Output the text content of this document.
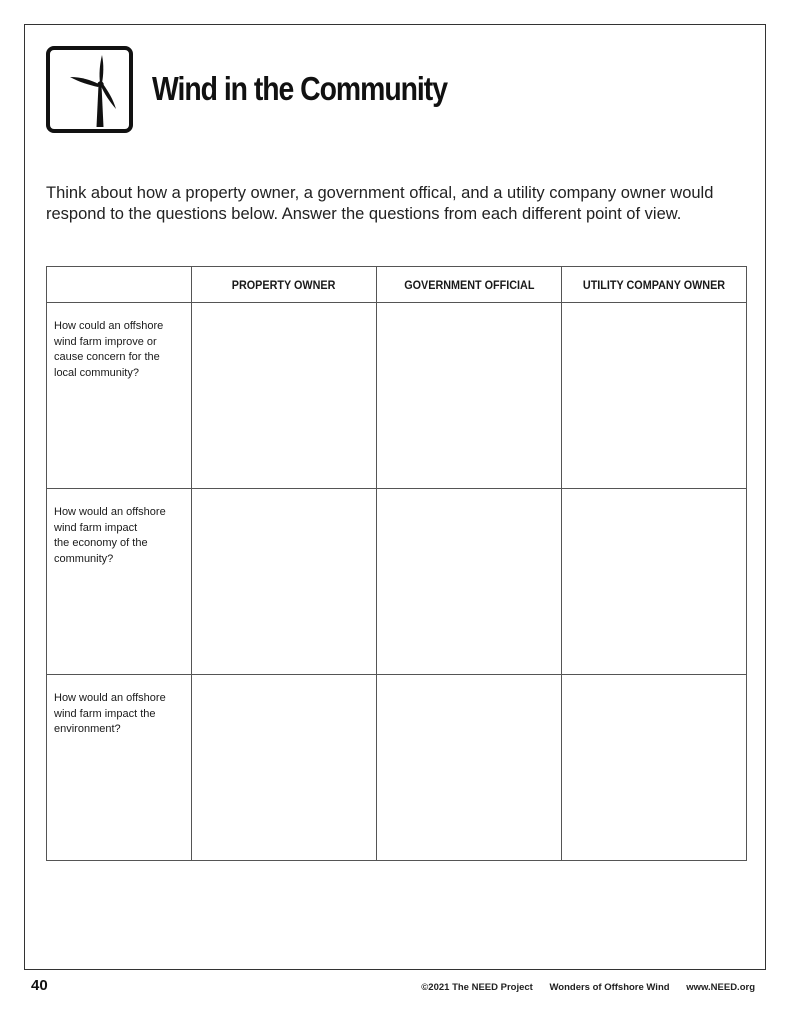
Wind in the Community

Think about how a property owner, a government offical, and a utility company owner would
respond to the questions below. Answer the questions from each different point of view.

	PROPERTY OWNER	GOVERNMENT OFFICIAL	UTILITY COMPANY OWNER

How could an offshore
wind farm improve or
cause concern for the
local community?			

How would an offshore
wind farm impact
the economy of the
community?			

How would an offshore
wind farm impact the
environment?			

40	©2021 The NEED Project Wonders of Offshore Wind www.NEED.org
